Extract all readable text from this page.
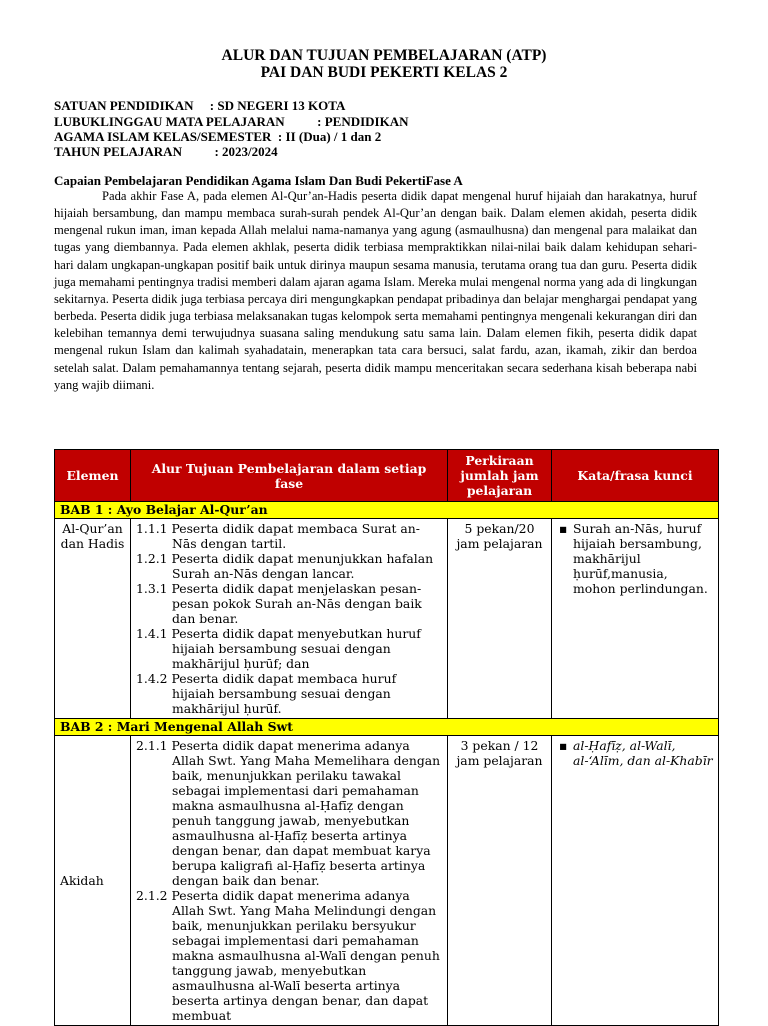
ALUR DAN TUJUAN PEMBELAJARAN (ATP)
PAI DAN BUDI PEKERTI KELAS 2
SATUAN PENDIDIKAN     : SD NEGERI 13 KOTA
LUBUKLINGGAU MATA PELAJARAN          : PENDIDIKAN
AGAMA ISLAM KELAS/SEMESTER  : II (Dua) / 1 dan 2
TAHUN PELAJARAN          : 2023/2024
Capaian Pembelajaran Pendidikan Agama Islam Dan Budi PekertiFase A
Pada akhir Fase A, pada elemen Al-Qur’an-Hadis peserta didik dapat mengenal huruf hijaiah dan harakatnya, huruf hijaiah bersambung, dan mampu membaca surah-surah pendek Al-Qur’an dengan baik. Dalam elemen akidah, peserta didik mengenal rukun iman, iman kepada Allah melalui nama-namanya yang agung (asmaulhusna) dan mengenal para malaikat dan tugas yang diembannya. Pada elemen akhlak, peserta didik terbiasa mempraktikkan nilai-nilai baik dalam kehidupan sehari-hari dalam ungkapan-ungkapan positif baik untuk dirinya maupun sesama manusia, terutama orang tua dan guru. Peserta didik juga memahami pentingnya tradisi memberi dalam ajaran agama Islam. Mereka mulai mengenal norma yang ada di lingkungan sekitarnya. Peserta didik juga terbiasa percaya diri mengungkapkan pendapat pribadinya dan belajar menghargai pendapat yang berbeda. Peserta didik juga terbiasa melaksanakan tugas kelompok serta memahami pentingnya mengenali kekurangan diri dan kelebihan temannya demi terwujudnya suasana saling mendukung satu sama lain. Dalam elemen fikih, peserta didik dapat mengenal rukun Islam dan kalimah syahadatain, menerapkan tata cara bersuci, salat fardu, azan, ikamah, zikir dan berdoa setelah salat. Dalam pemahamannya tentang sejarah, peserta didik mampu menceritakan secara sederhana kisah beberapa nabi yang wajib diimani.
Elemen	Alur Tujuan Pembelajaran dalam setiap fase	Perkiraan jumlah jam pelajaran	Kata/frasa kunci
BAB 1 : Ayo Belajar Al-Qur’an			
Al-Qur’an dan Hadis	1.1.1 Peserta didik dapat membaca Surat an-Nās dengan tartil.

1.2.1 Peserta didik dapat menunjukkan hafalan Surah an-Nās dengan lancar.

1.3.1 Peserta didik dapat menjelaskan pesan-pesan pokok Surah an-Nās dengan baik dan benar.

1.4.1 Peserta didik dapat menyebutkan huruf hijaiah bersambung sesuai dengan makhārijul ḥurūf; dan

1.4.2 Peserta didik dapat membaca huruf hijaiah bersambung sesuai dengan makhārijul ḥurūf.	5 pekan/20 jam pelajaran	▪ Surah an-Nās, huruf hijaiah bersambung, makhārijul ḥurūf,manusia, mohon perlindungan.

BAB 2 : Mari Mengenal Allah Swt			
Akidah	2.1.1 Peserta didik dapat menerima adanya Allah Swt. Yang Maha Memelihara dengan baik, menunjukkan perilaku tawakal sebagai implementasi dari pemahaman makna asmaulhusna al-Ḥafīẓ dengan penuh tanggung jawab, menyebutkan asmaulhusna al-Ḥafīẓ beserta artinya dengan benar, dan dapat membuat karya berupa kaligrafi al-Ḥafīẓ beserta artinya dengan baik dan benar.

2.1.2 Peserta didik dapat menerima adanya Allah Swt. Yang Maha Melindungi dengan baik, menunjukkan perilaku bersyukur sebagai implementasi dari pemahaman makna asmaulhusna al-Walī dengan penuh tanggung jawab, menyebutkan asmaulhusna al-Walī beserta artinya beserta artinya dengan benar, dan dapat membuat	3 pekan / 12 jam pelajaran	▪ al-Ḥafīẓ, al-Walī, al-‘Alīm, dan al-Khabīr
